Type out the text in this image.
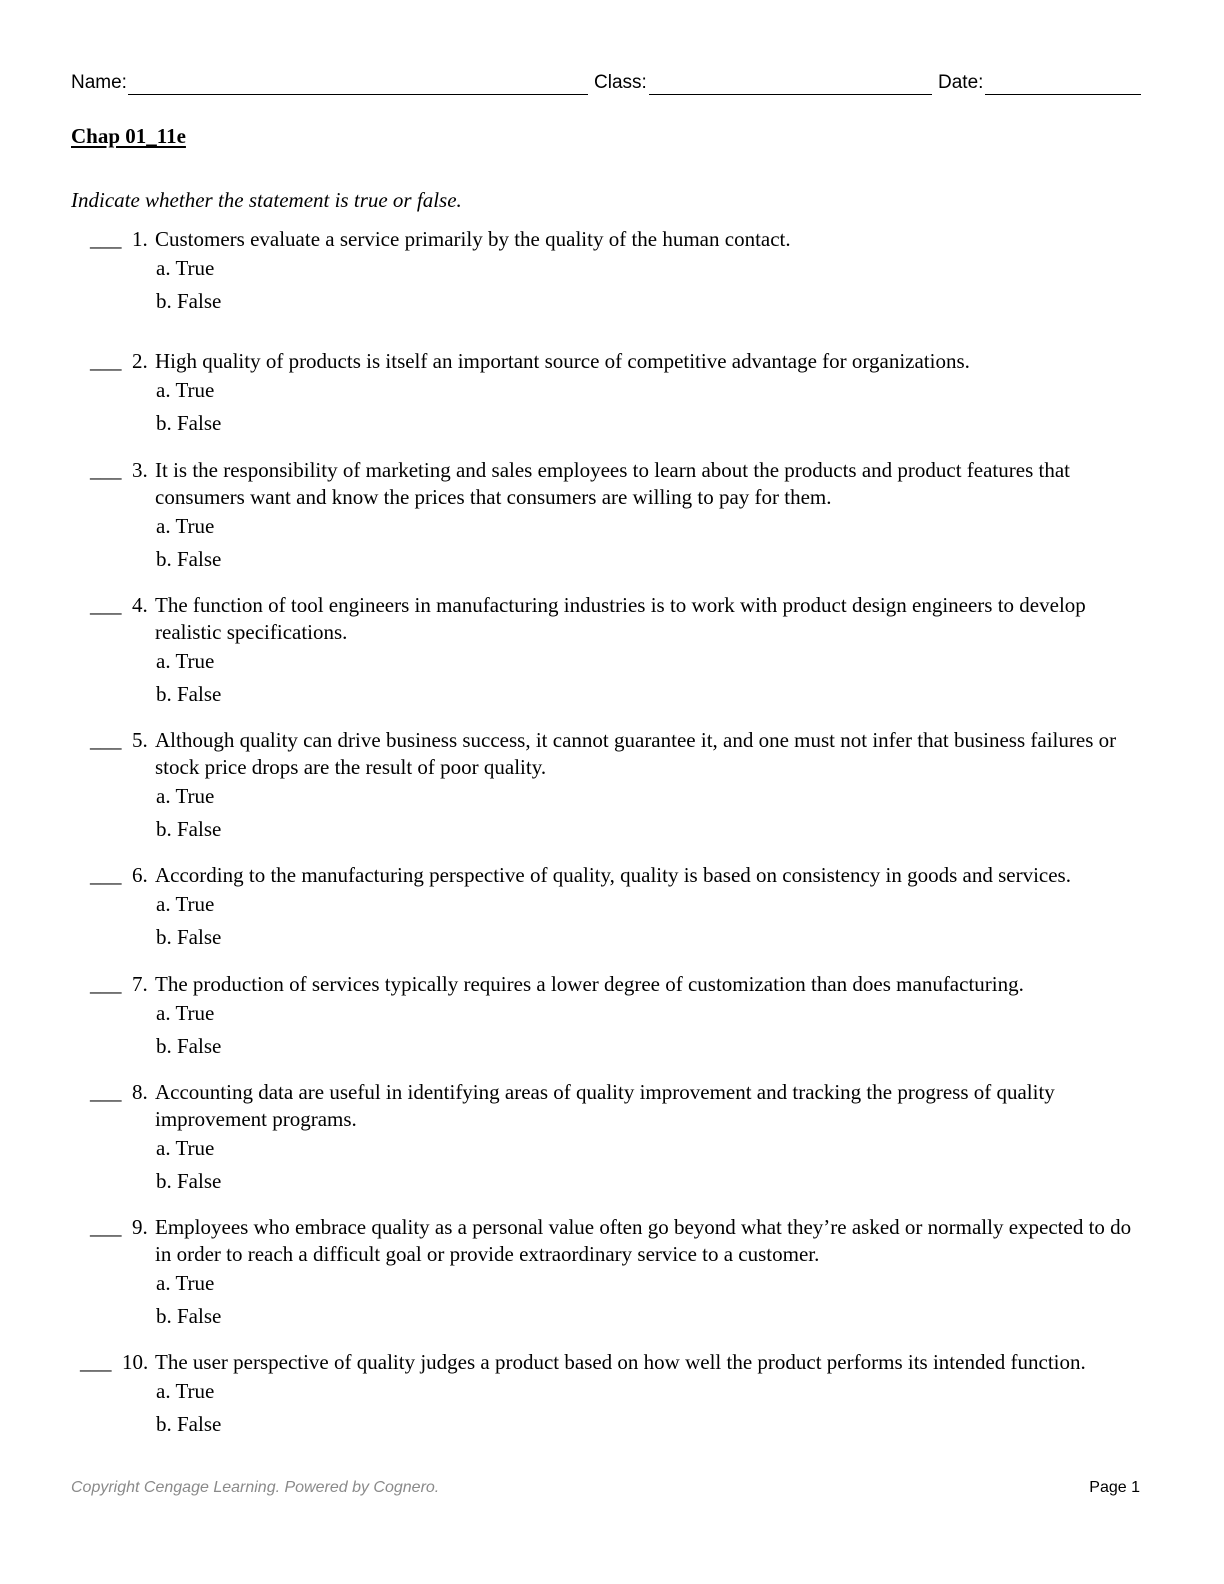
Name:	Class:	Date:
Chap 01_11e
Indicate whether the statement is true or false.
___ 1. Customers evaluate a service primarily by the quality of the human contact.
a. True
b. False
___ 2. High quality of products is itself an important source of competitive advantage for organizations.
a. True
b. False
___ 3. It is the responsibility of marketing and sales employees to learn about the products and product features that consumers want and know the prices that consumers are willing to pay for them.
a. True
b. False
___ 4. The function of tool engineers in manufacturing industries is to work with product design engineers to develop realistic specifications.
a. True
b. False
___ 5. Although quality can drive business success, it cannot guarantee it, and one must not infer that business failures or stock price drops are the result of poor quality.
a. True
b. False
___ 6. According to the manufacturing perspective of quality, quality is based on consistency in goods and services.
a. True
b. False
___ 7. The production of services typically requires a lower degree of customization than does manufacturing.
a. True
b. False
___ 8. Accounting data are useful in identifying areas of quality improvement and tracking the progress of quality improvement programs.
a. True
b. False
___ 9. Employees who embrace quality as a personal value often go beyond what they’re asked or normally expected to do in order to reach a difficult goal or provide extraordinary service to a customer.
a. True
b. False
___ 10. The user perspective of quality judges a product based on how well the product performs its intended function.
a. True
b. False
Copyright Cengage Learning. Powered by Cognero.	Page 1
